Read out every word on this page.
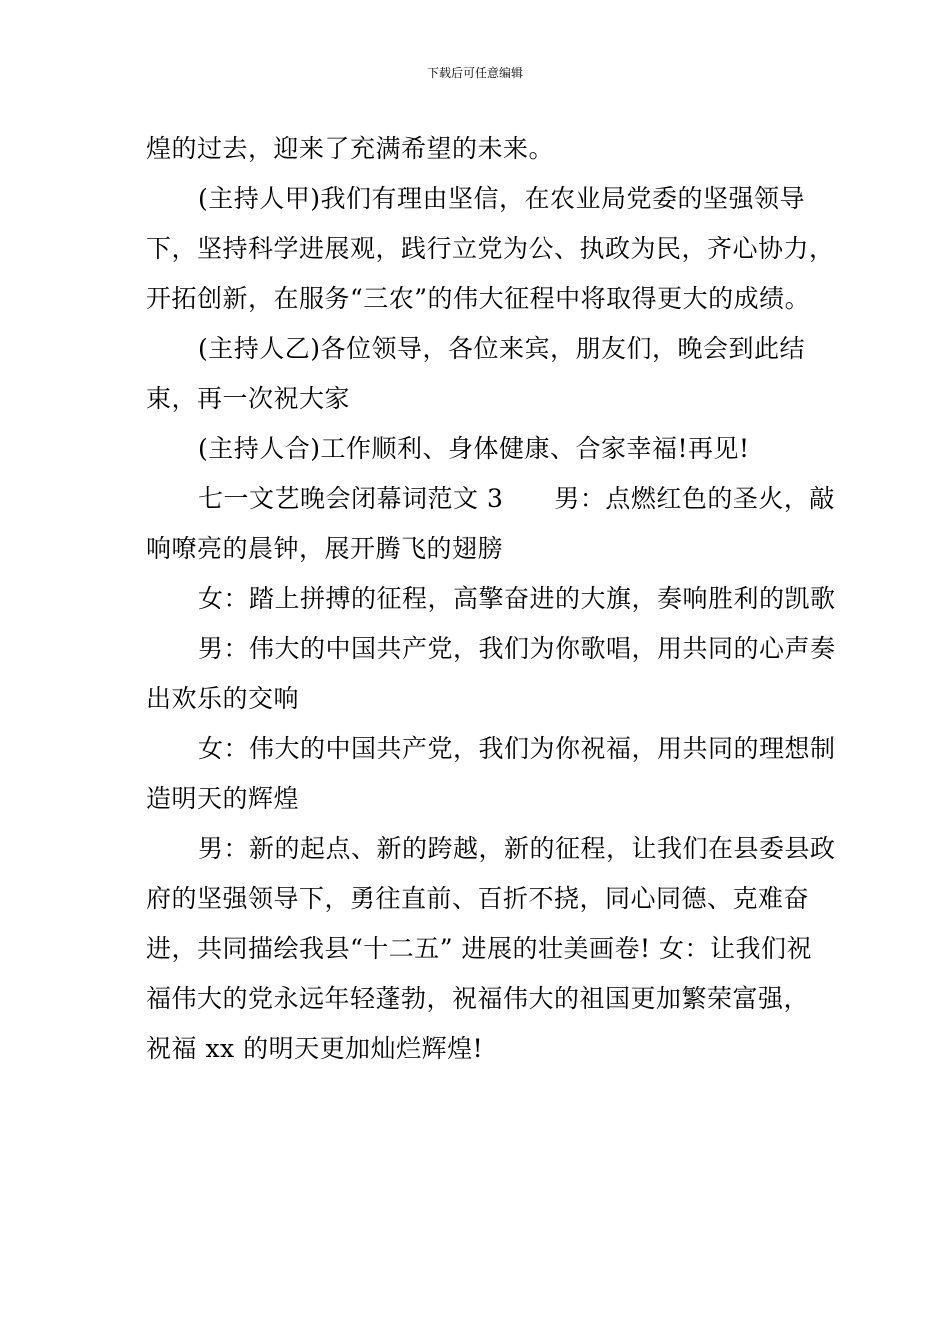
下载后可任意编辑

煌的过去，迎来了充满希望的未来。

(主持人甲)我们有理由坚信，在农业局党委的坚强领导下，坚持科学进展观，践行立党为公、执政为民，齐心协力，开拓创新，在服务“三农”的伟大征程中将取得更大的成绩。

(主持人乙)各位领导，各位来宾，朋友们，晚会到此结束，再一次祝大家

(主持人合)工作顺利、身体健康、合家幸福!再见!

七一文艺晚会闭幕词范文 3　　男：点燃红色的圣火，敲响嘹亮的晨钟，展开腾飞的翅膀

女：踏上拼搏的征程，高擎奋进的大旗，奏响胜利的凯歌

男：伟大的中国共产党，我们为你歌唱，用共同的心声奏出欢乐的交响

女：伟大的中国共产党，我们为你祝福，用共同的理想制造明天的辉煌

男：新的起点、新的跨越，新的征程，让我们在县委县政府的坚强领导下，勇往直前、百折不挠，同心同德、克难奋进，共同描绘我县“十二五” 进展的壮美画卷! 女：让我们祝福伟大的党永远年轻蓬勃，祝福伟大的祖国更加繁荣富强，　祝福 xx 的明天更加灿烂辉煌!
